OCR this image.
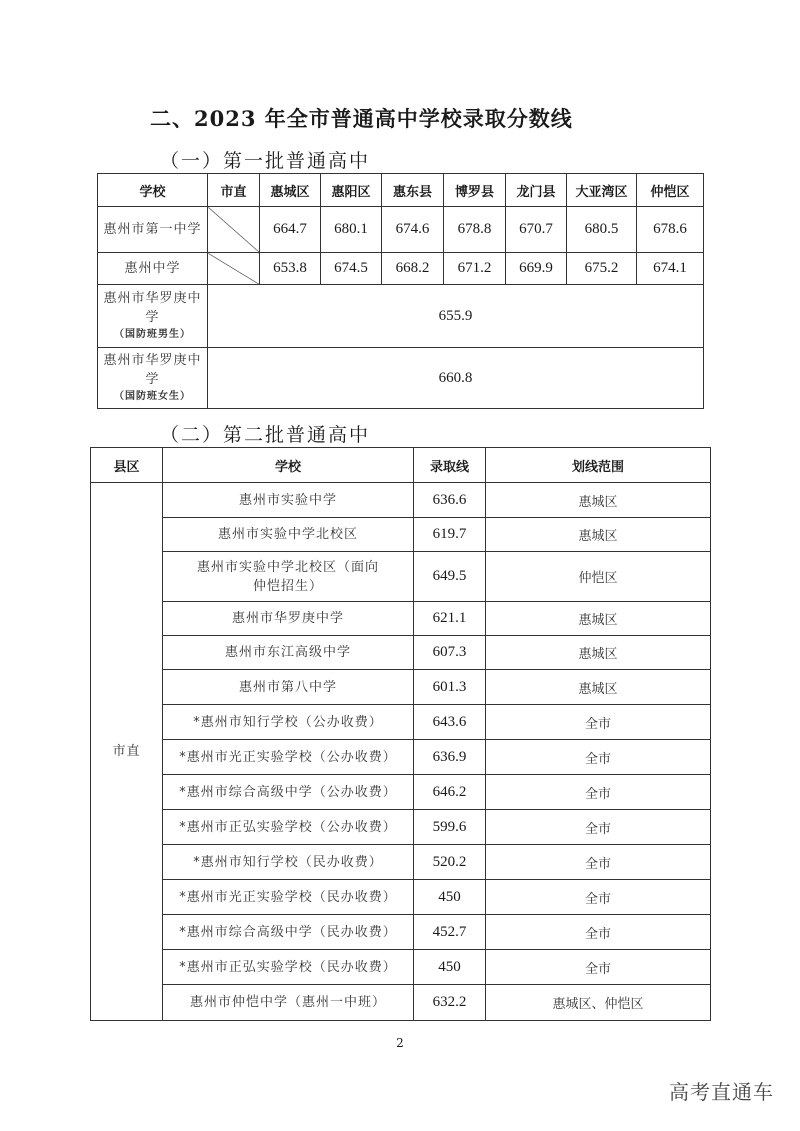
二、2023 年全市普通高中学校录取分数线
（一）第一批普通高中
学校	市直	惠城区	惠阳区	惠东县	博罗县	龙门县	大亚湾区	仲恺区
惠州市第一中学		664.7	680.1	674.6	678.8	670.7	680.5	678.6
惠州中学		653.8	674.5	668.2	671.2	669.9	675.2	674.1
惠州市华罗庚中学
（国防班男生）	655.9							
惠州市华罗庚中学
（国防班女生）	660.8							
（二）第二批普通高中
县区	学校	录取线	划线范围
市直	惠州市实验中学	636.6	惠城区
	惠州市实验中学北校区	619.7	惠城区
	惠州市实验中学北校区（面向仲恺招生）	649.5	仲恺区
	惠州市华罗庚中学	621.1	惠城区
	惠州市东江高级中学	607.3	惠城区
	惠州市第八中学	601.3	惠城区
	*惠州市知行学校（公办收费）	643.6	全市
	*惠州市光正实验学校（公办收费）	636.9	全市
	*惠州市综合高级中学（公办收费）	646.2	全市
	*惠州市正弘实验学校（公办收费）	599.6	全市
	*惠州市知行学校（民办收费）	520.2	全市
	*惠州市光正实验学校（民办收费）	450	全市
	*惠州市综合高级中学（民办收费）	452.7	全市
	*惠州市正弘实验学校（民办收费）	450	全市
	惠州市仲恺中学（惠州一中班）	632.2	惠城区、仲恺区
2
高考直通车
